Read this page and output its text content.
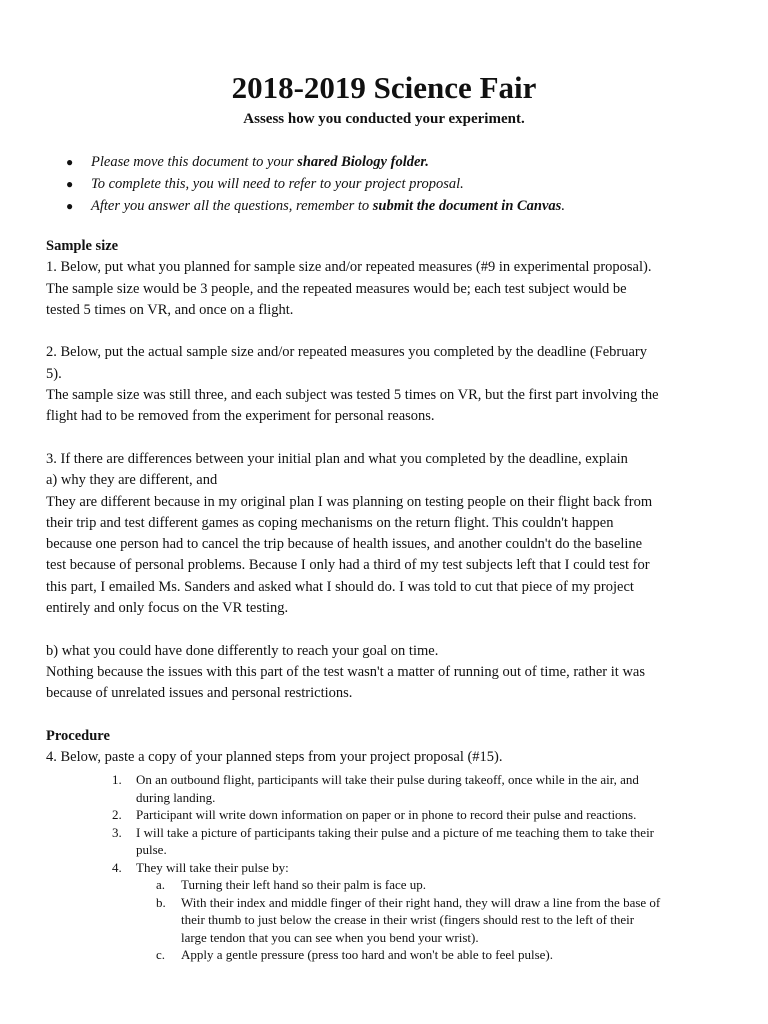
2018-2019 Science Fair
Assess how you conducted your experiment.
● Please move this document to your shared Biology folder.
● To complete this, you will need to refer to your project proposal.
● After you answer all the questions, remember to submit the document in Canvas.
Sample size
1. Below, put what you planned for sample size and/or repeated measures (#9 in experimental proposal).
The sample size would be 3 people, and the repeated measures would be; each test subject would be
tested 5 times on VR, and once on a flight.
2. Below, put the actual sample size and/or repeated measures you completed by the deadline (February
5).
The sample size was still three, and each subject was tested 5 times on VR, but the first part involving the
flight had to be removed from the experiment for personal reasons.
3. If there are differences between your initial plan and what you completed by the deadline, explain
a) why they are different, and
They are different because in my original plan I was planning on testing people on their flight back from
their trip and test different games as coping mechanisms on the return flight. This couldn't happen
because one person had to cancel the trip because of health issues, and another couldn't do the baseline
test because of personal problems. Because I only had a third of my test subjects left that I could test for
this part, I emailed Ms. Sanders and asked what I should do. I was told to cut that piece of my project
entirely and only focus on the VR testing.
b) what you could have done differently to reach your goal on time.
Nothing because the issues with this part of the test wasn't a matter of running out of time, rather it was
because of unrelated issues and personal restrictions.
Procedure
4. Below, paste a copy of your planned steps from your project proposal (#15).
1. On an outbound flight, participants will take their pulse during takeoff, once while in the air, and
during landing.
2. Participant will write down information on paper or in phone to record their pulse and reactions.
3. I will take a picture of participants taking their pulse and a picture of me teaching them to take their
pulse.
4. They will take their pulse by:
a. Turning their left hand so their palm is face up.
b. With their index and middle finger of their right hand, they will draw a line from the base of
their thumb to just below the crease in their wrist (fingers should rest to the left of their
large tendon that you can see when you bend your wrist).
c. Apply a gentle pressure (press too hard and won't be able to feel pulse).
